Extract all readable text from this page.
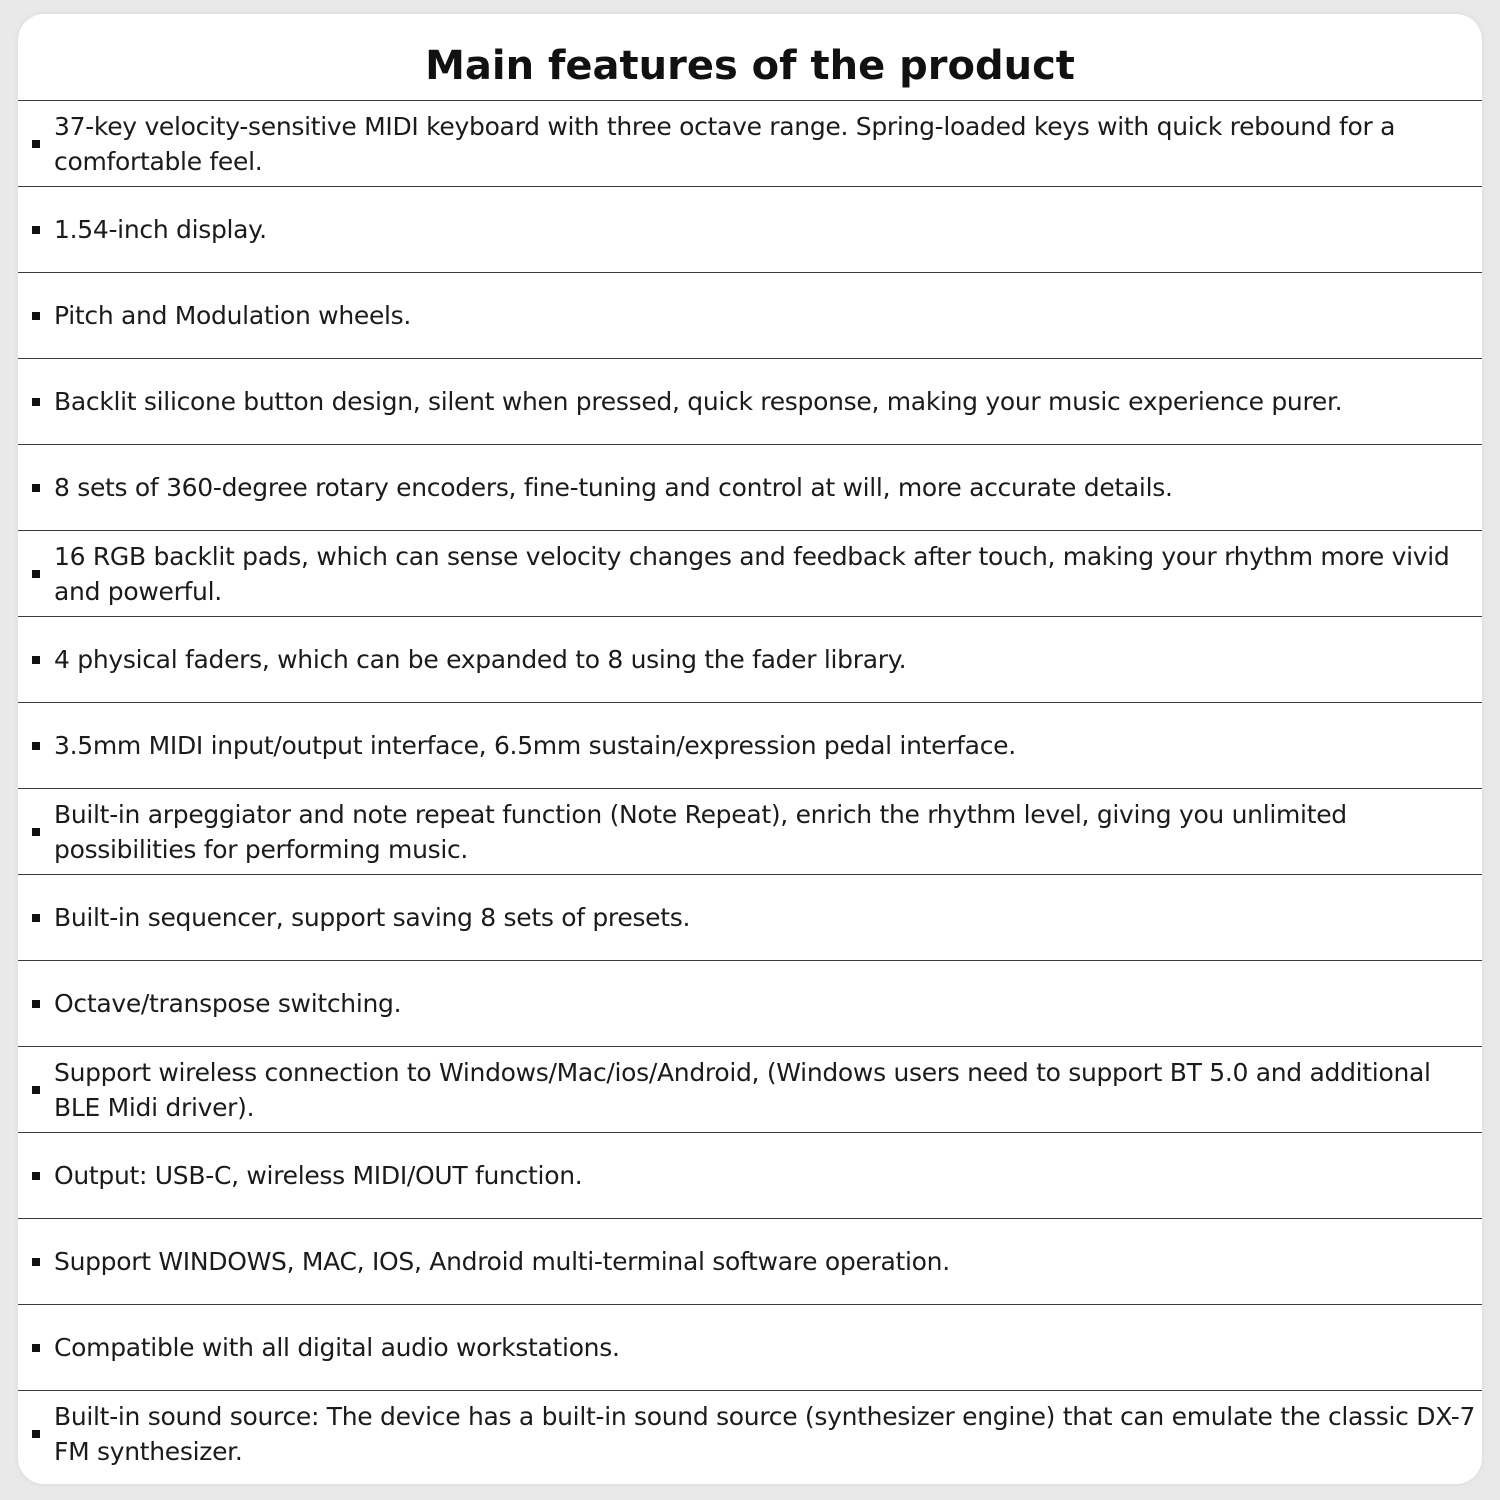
Main features of the product
37-key velocity-sensitive MIDI keyboard with three octave range. Spring-loaded keys with quick rebound for a comfortable feel.
1.54-inch display.
Pitch and Modulation wheels.
Backlit silicone button design, silent when pressed, quick response, making your music experience purer.
8 sets of 360-degree rotary encoders, fine-tuning and control at will, more accurate details.
16 RGB backlit pads, which can sense velocity changes and feedback after touch, making your rhythm more vivid and powerful.
4 physical faders, which can be expanded to 8 using the fader library.
3.5mm MIDI input/output interface, 6.5mm sustain/expression pedal interface.
Built-in arpeggiator and note repeat function (Note Repeat), enrich the rhythm level, giving you unlimited possibilities for performing music.
Built-in sequencer, support saving 8 sets of presets.
Octave/transpose switching.
Support wireless connection to Windows/Mac/ios/Android, (Windows users need to support BT 5.0 and additional BLE Midi driver).
Output: USB-C, wireless MIDI/OUT function.
Support WINDOWS, MAC, IOS, Android multi-terminal software operation.
Compatible with all digital audio workstations.
Built-in sound source: The device has a built-in sound source (synthesizer engine) that can emulate the classic DX-7 FM synthesizer.
